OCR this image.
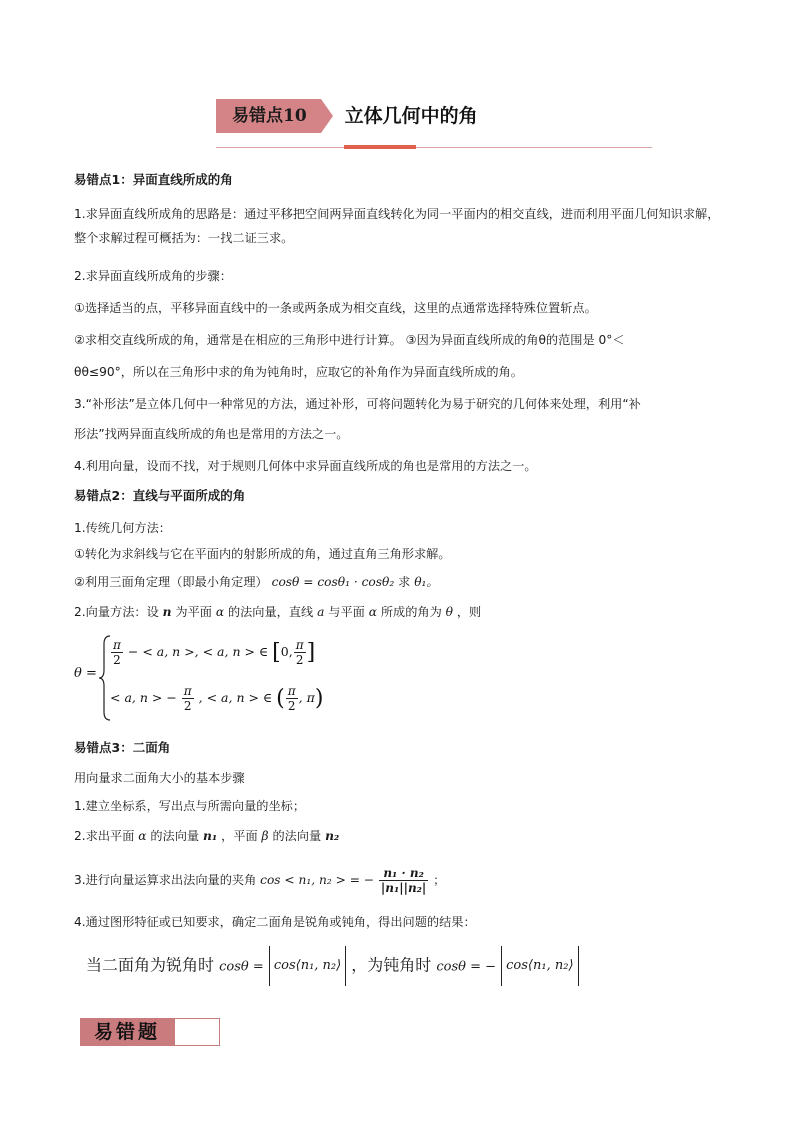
易错点10	立体几何中的角
易错点1：异面直线所成的角
1.求异面直线所成角的思路是：通过平移把空间两异面直线转化为同一平面内的相交直线，进而利用平面几何知识求解，整个求解过程可概括为：一找二证三求。
2.求异面直线所成角的步骤：
①选择适当的点，平移异面直线中的一条或两条成为相交直线，这里的点通常选择特殊位置斩点。
②求相交直线所成的角，通常是在相应的三角形中进行计算。 ③因为异面直线所成的角θ的范围是 0°＜
θθ≤90°，所以在三角形中求的角为钝角时，应取它的补角作为异面直线所成的角。
3.“补形法”是立体几何中一种常见的方法，通过补形，可将问题转化为易于研究的几何体来处理，利用“补
形法”找两异面直线所成的角也是常用的方法之一。
4.利用向量，设而不找，对于规则几何体中求异面直线所成的角也是常用的方法之一。
易错点2：直线与平面所成的角
1.传统几何方法：
①转化为求斜线与它在平面内的射影所成的角，通过直角三角形求解。
②利用三面角定理（即最小角定理） cosθ = cosθ₁ · cosθ₂ 求 θ₁。
2.向量方法：设 n 为平面 α 的法向量，直线 a 与平面 α 所成的角为 θ ，则
θ =
$\frac{\pi}{2}$ − < a, n >, < a, n > ∈ [0, $\frac{\pi}{2}$ ]
< a, n > − $\frac{\pi}{2}$ , < a, n > ∈ ( $\frac{\pi}{2}$ , π)
易错点3：二面角
用向量求二面角大小的基本步骤
1.建立坐标系，写出点与所需向量的坐标；
2.求出平面 α 的法向量 n₁ ，平面 β 的法向量 n₂
3.进行向量运算求出法向量的夹角 cos < n₁, n₂ > = − $\frac{\text{n₁ · n₂}}{\text{|n₁||n₂|}}$ ；
4.通过图形特征或已知要求，确定二面角是锐角或钝角，得出问题的结果：
当二面角为锐角时 cosθ = cos⟨n₁, n₂⟩ ，为钝角时 cosθ = − cos⟨n₁, n₂⟩
易错题
